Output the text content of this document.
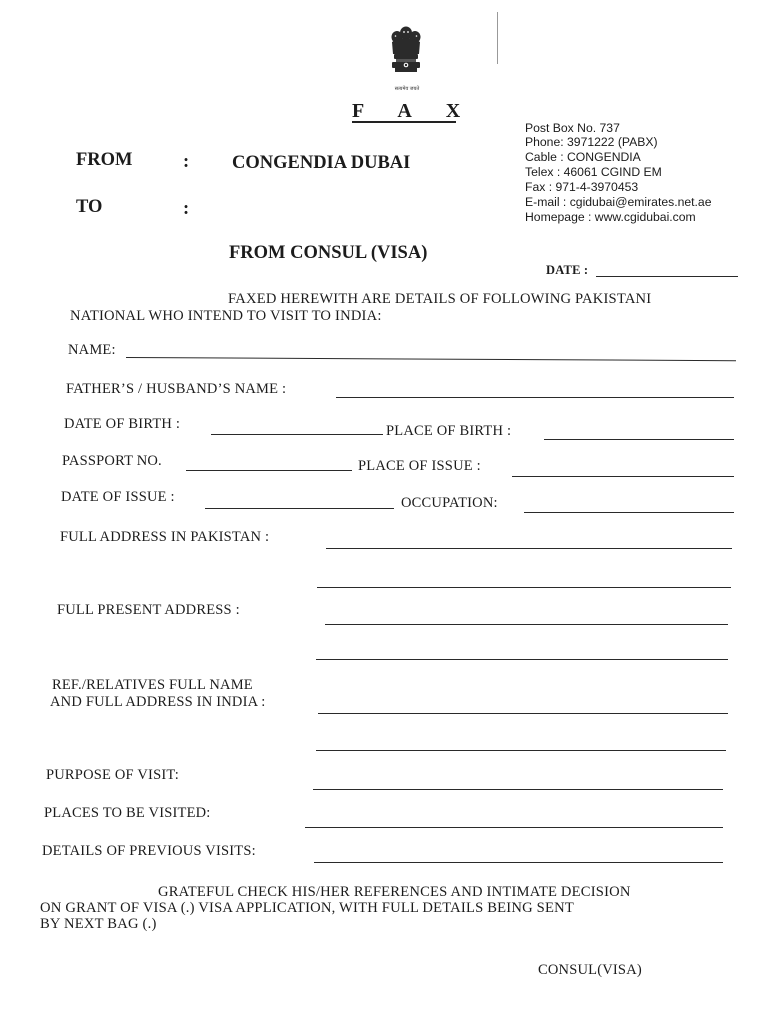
सत्यमेव जयते
F A X
Post Box No. 737
Phone: 3971222 (PABX)
Cable : CONGENDIA
Telex : 46061 CGIND EM
Fax : 971-4-3970453
E-mail : cgidubai@emirates.net.ae
Homepage : www.cgidubai.com
FROM	: CONGENDIA DUBAI
TO	:
FROM CONSUL (VISA)
DATE :
FAXED HEREWITH ARE DETAILS OF FOLLOWING PAKISTANI
NATIONAL WHO INTEND TO VISIT TO INDIA:
NAME:
FATHER’S / HUSBAND’S NAME :
DATE OF BIRTH :	PLACE OF BIRTH :
PASSPORT NO.	PLACE OF ISSUE :
DATE OF ISSUE :	OCCUPATION:
FULL ADDRESS IN PAKISTAN :
FULL PRESENT ADDRESS :
REF./RELATIVES FULL NAME
AND FULL ADDRESS IN INDIA :
PURPOSE OF VISIT:
PLACES TO BE VISITED:
DETAILS OF PREVIOUS VISITS:
GRATEFUL CHECK HIS/HER REFERENCES AND INTIMATE DECISION
ON GRANT OF VISA (.) VISA APPLICATION, WITH FULL DETAILS BEING SENT
BY NEXT BAG (.)
CONSUL(VISA)
